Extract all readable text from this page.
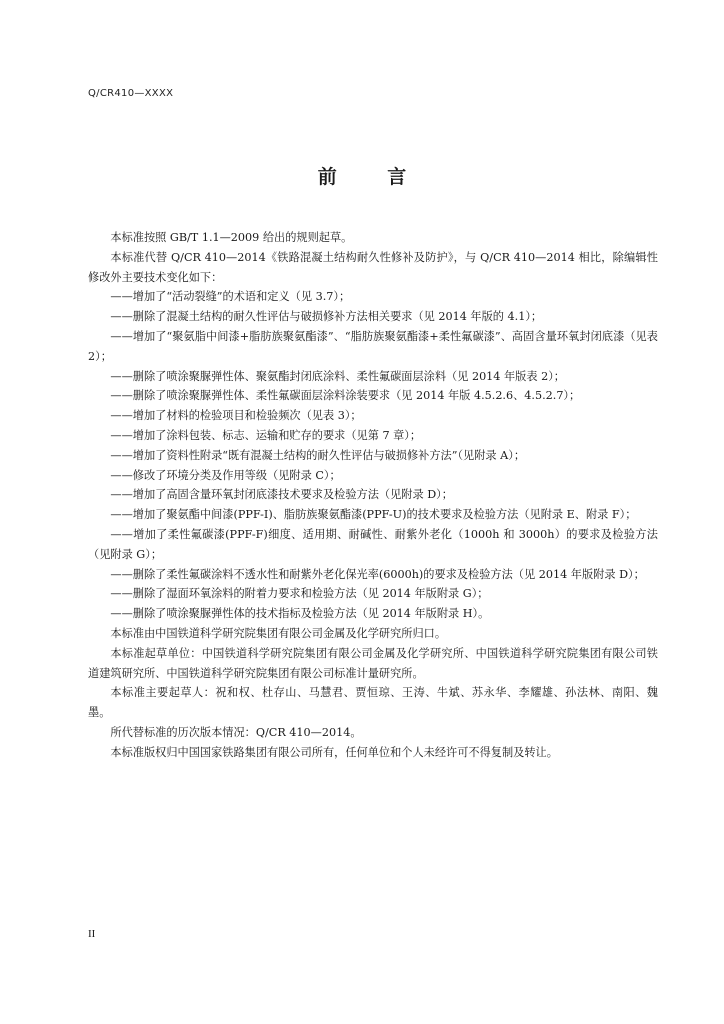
Q/CR410—XXXX
前 言

本标准按照 GB/T 1.1—2009 给出的规则起草。

本标准代替 Q/CR 410—2014《铁路混凝土结构耐久性修补及防护》，与 Q/CR 410—2014 相比，除编辑性修改外主要技术变化如下：

——增加了“活动裂缝”的术语和定义（见 3.7）；

——删除了混凝土结构的耐久性评估与破损修补方法相关要求（见 2014 年版的 4.1）；

——增加了“聚氨脂中间漆+脂肪族聚氨酯漆”、“脂肪族聚氨酯漆+柔性氟碳漆”、高固含量环氧封闭底漆（见表 2）；

——删除了喷涂聚脲弹性体、聚氨酯封闭底涂料、柔性氟碳面层涂料（见 2014 年版表 2）；

——删除了喷涂聚脲弹性体、柔性氟碳面层涂料涂装要求（见 2014 年版 4.5.2.6、4.5.2.7）；

——增加了材料的检验项目和检验频次（见表 3）；

——增加了涂料包装、标志、运输和贮存的要求（见第 7 章）；

——增加了资料性附录“既有混凝土结构的耐久性评估与破损修补方法”（见附录 A）；

——修改了环境分类及作用等级（见附录 C）；

——增加了高固含量环氧封闭底漆技术要求及检验方法（见附录 D）；

——增加了聚氨酯中间漆(PPF-I)、脂肪族聚氨酯漆(PPF-U)的技术要求及检验方法（见附录 E、附录 F）；

——增加了柔性氟碳漆(PPF-F)细度、适用期、耐碱性、耐紫外老化（1000h 和 3000h）的要求及检验方法（见附录 G）；

——删除了柔性氟碳涂料不透水性和耐紫外老化保光率(6000h)的要求及检验方法（见 2014 年版附录 D）；

——删除了湿面环氧涂料的附着力要求和检验方法（见 2014 年版附录 G）；

——删除了喷涂聚脲弹性体的技术指标及检验方法（见 2014 年版附录 H）。

本标准由中国铁道科学研究院集团有限公司金属及化学研究所归口。

本标准起草单位：中国铁道科学研究院集团有限公司金属及化学研究所、中国铁道科学研究院集团有限公司铁道建筑研究所、中国铁道科学研究院集团有限公司标准计量研究所。

本标准主要起草人：祝和权、杜存山、马慧君、贾恒琼、王涛、牛斌、苏永华、李耀雄、孙法林、南阳、魏墨。

所代替标准的历次版本情况：Q/CR 410—2014。

本标准版权归中国国家铁路集团有限公司所有，任何单位和个人未经许可不得复制及转让。

II
